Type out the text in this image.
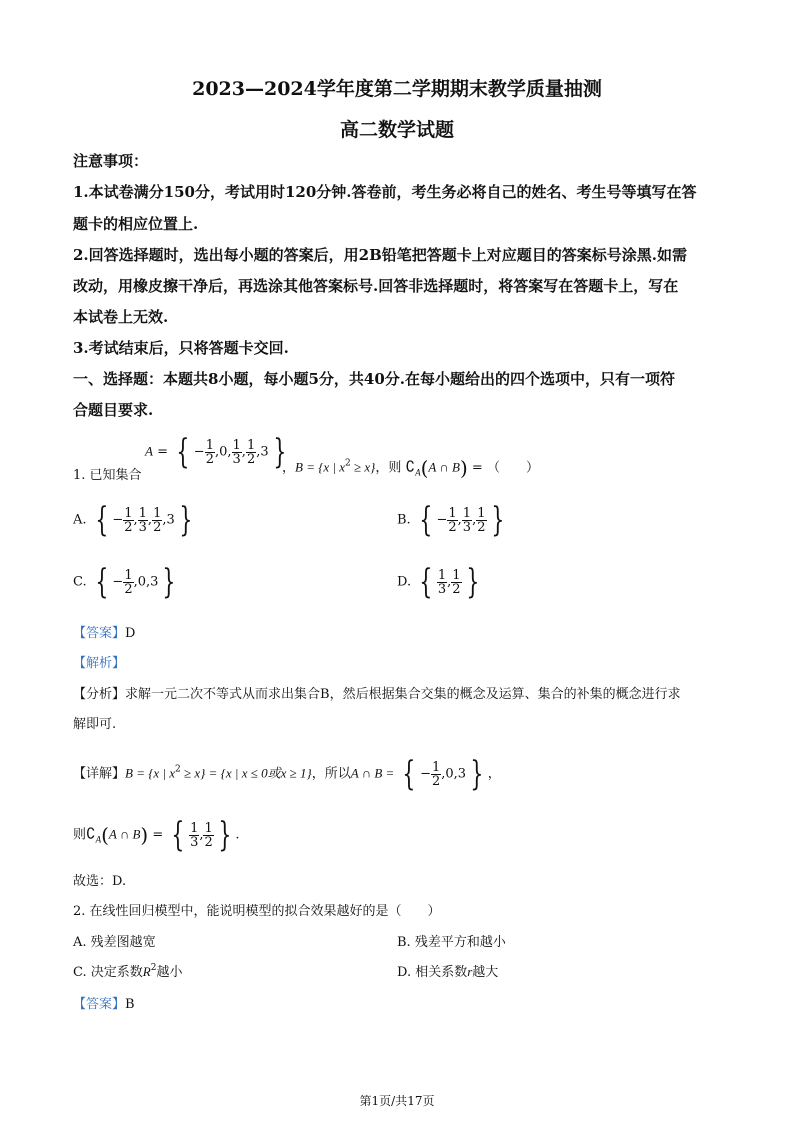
2023—2024学年度第二学期期末教学质量抽测
高二数学试题
注意事项：
1.本试卷满分150分，考试用时120分钟.答卷前，考生务必将自己的姓名、考生号等填写在答
题卡的相应位置上.
2.回答选择题时，选出每小题的答案后，用2B铅笔把答题卡上对应题目的答案标号涂黑.如需
改动，用橡皮擦干净后，再选涂其他答案标号.回答非选择题时，将答案写在答题卡上，写在
本试卷上无效.
3.考试结束后，只将答题卡交回.
一、选择题：本题共8小题，每小题5分，共40分.在每小题给出的四个选项中，只有一项符
合题目要求.
1. 已知集合
A = { − $\frac{1}{2} ,0$, $\frac{1}{3}$ , $\frac{1}{2} ,3$ }
，B = {x | $x^2 \ge x$}，则 $∁_A(A$ ∩ B) = （　　）
A. { − $\frac{1}{2}$ , $\frac{1}{3}$ , $\frac{1}{2} ,3$ }	B. { − $\frac{1}{2}$ , $\frac{1}{3}$ , $\frac{1}{2}$ }
C. { − $\frac{1}{2} ,0,3$ }	D. { $\frac{1}{3}$ , $\frac{1}{2}$ }
【答案】D
【解析】
【分析】求解一元二次不等式从而求出集合B，然后根据集合交集的概念及运算、集合的补集的概念进行求
解即可.
【详解】B = {x | $x^2 \ge x\} = \{x$ | x ≤ 0或x ≥ 1}，所以A ∩ B = { − $\frac{1}{2} ,0,3$ } ，
则$∁_A(A$ ∩ B) = { $\frac{1}{3}$ , $\frac{1}{2}$ } .
故选：D.
2. 在线性回归模型中，能说明模型的拟合效果越好的是（　　）
A. 残差图越宽	B. 残差平方和越小
C. 决定系数$R^2$越小	D. 相关系数r越大
【答案】B
第1页/共17页
